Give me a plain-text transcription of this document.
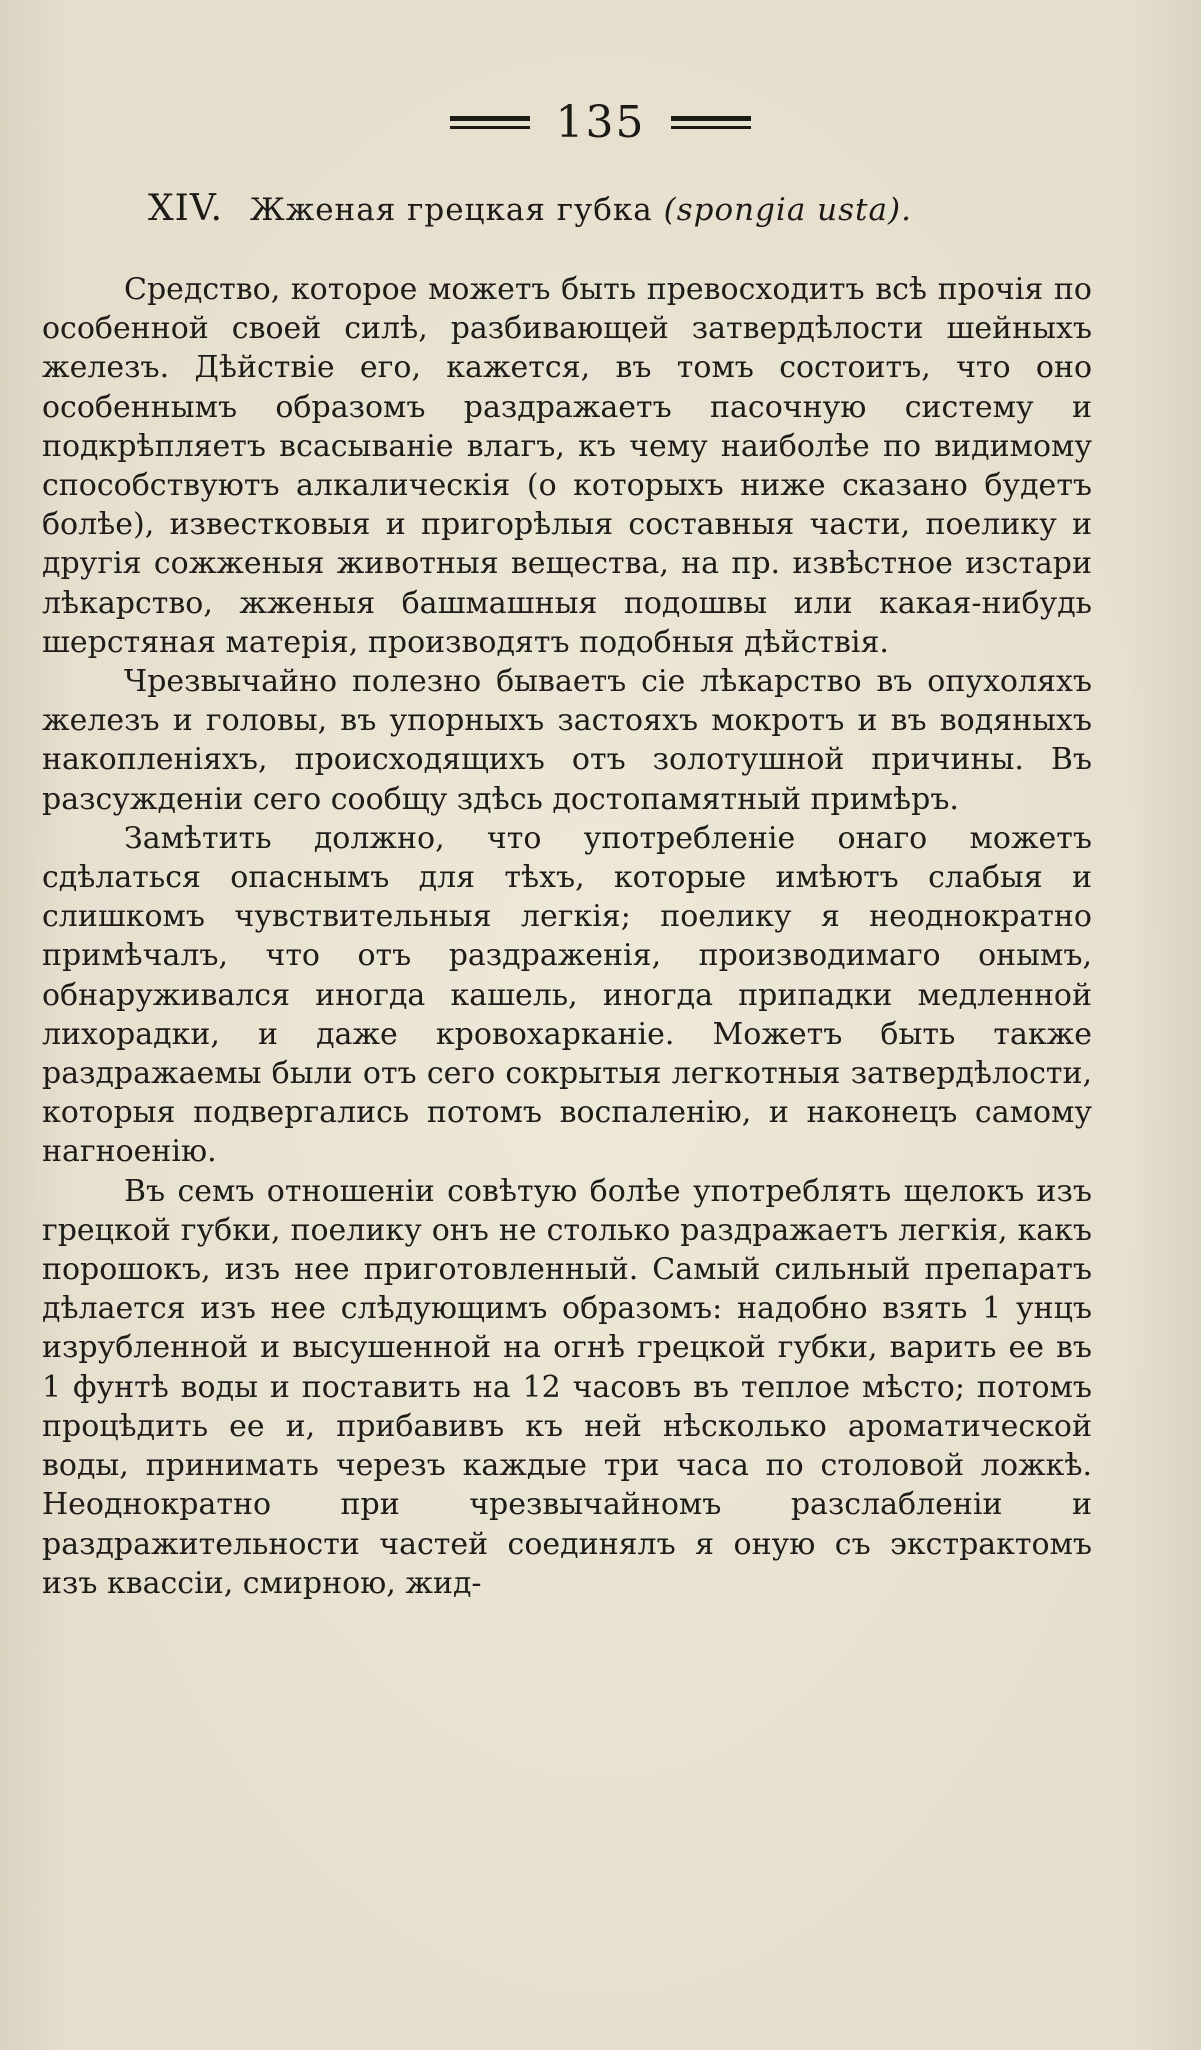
135
XIV. Жженая грецкая губка (spongia usta).

Средство, которое можетъ быть превосходитъ всѣ прочія по особенной своей силѣ, разбивающей затвердѣлости шейныхъ железъ. Дѣйствіе его, кажется, въ томъ состоитъ, что оно особеннымъ образомъ раздражаетъ пасочную систему и подкрѣпляетъ всасываніе влагъ, къ чему наиболѣе по видимому способствуютъ алкалическія (о которыхъ ниже сказано будетъ болѣе), известковыя и пригорѣлыя составныя части, поелику и другія сожженыя животныя вещества, на пр. извѣстное изстари лѣкарство, жженыя башмашныя подошвы или какая-нибудь шерстяная матерія, производятъ подобныя дѣйствія.

Чрезвычайно полезно бываетъ сіе лѣкарство въ опухоляхъ железъ и головы, въ упорныхъ застояхъ мокротъ и въ водяныхъ накопленіяхъ, происходящихъ отъ золотушной причины. Въ разсужденіи сего сообщу здѣсь достопамятный примѣръ.

Замѣтить должно, что употребленіе онаго можетъ сдѣлаться опаснымъ для тѣхъ, которые имѣютъ слабыя и слишкомъ чувствительныя легкія; поелику я неоднократно примѣчалъ, что отъ раздраженія, производимаго онымъ, обнаруживался иногда кашель, иногда припадки медленной лихорадки, и даже кровохарканіе. Можетъ быть также раздражаемы были отъ сего сокрытыя легкотныя затвердѣлости, которыя подвергались потомъ воспаленію, и наконецъ самому нагноенію.

Въ семъ отношеніи совѣтую болѣе употреблять щелокъ изъ грецкой губки, поелику онъ не столько раздражаетъ легкія, какъ порошокъ, изъ нее приготовленный. Самый сильный препаратъ дѣлается изъ нее слѣдующимъ образомъ: надобно взять 1 унцъ изрубленной и высушенной на огнѣ грецкой губки, варить ее въ 1 фунтѣ воды и поставить на 12 часовъ въ теплое мѣсто; потомъ процѣдить ее и, прибавивъ къ ней нѣсколько ароматической воды, принимать черезъ каждые три часа по столовой ложкѣ. Неоднократно при чрезвычайномъ разслабленіи и раздражительности частей соединялъ я оную съ экстрактомъ изъ квассіи, смирною, жид-
